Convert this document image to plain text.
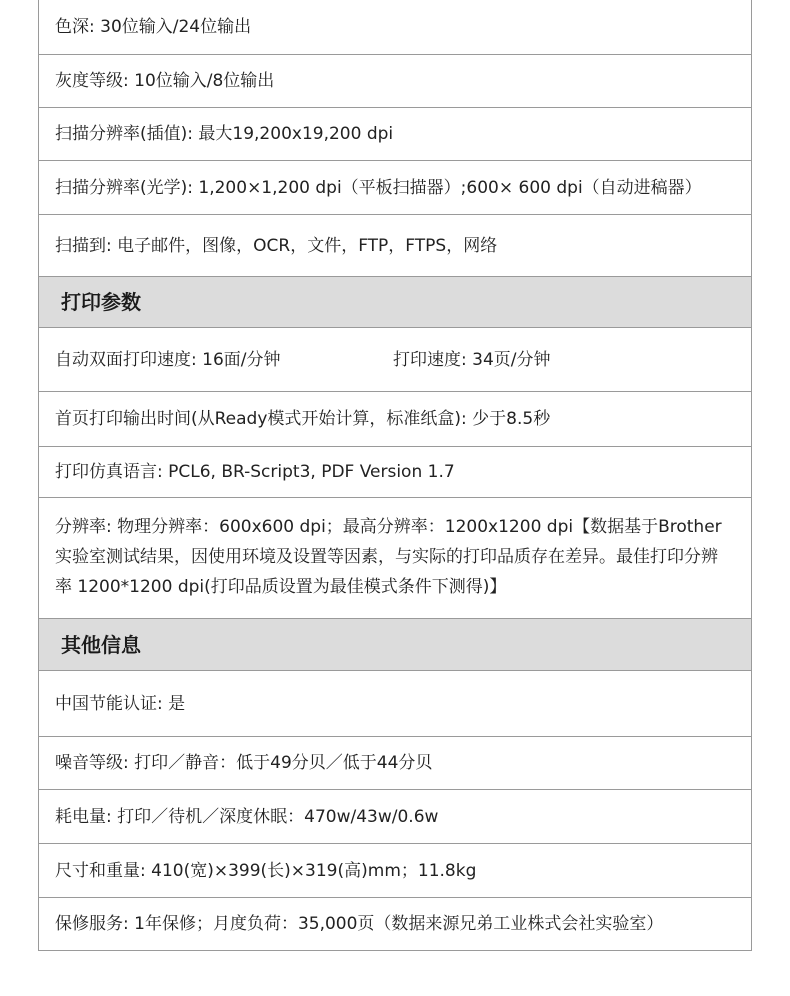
色深: 30位输入/24位输出
灰度等级: 10位输入/8位输出
扫描分辨率(插值): 最大19,200x19,200 dpi
扫描分辨率(光学): 1,200×1,200 dpi（平板扫描器）;600× 600 dpi（自动进稿器）
扫描到: 电子邮件，图像，OCR，文件，FTP，FTPS，网络
打印参数
自动双面打印速度: 16面/分钟	打印速度: 34页/分钟
首页打印输出时间(从Ready模式开始计算，标准纸盒): 少于8.5秒
打印仿真语言: PCL6, BR-Script3, PDF Version 1.7
分辨率: 物理分辨率：600x600 dpi；最高分辨率：1200x1200 dpi【数据基于Brother实验室测试结果，因使用环境及设置等因素，与实际的打印品质存在差异。最佳打印分辨率 1200*1200 dpi(打印品质设置为最佳模式条件下测得)】
其他信息
中国节能认证: 是
噪音等级: 打印／静音：低于49分贝／低于44分贝
耗电量: 打印／待机／深度休眠：470w/43w/0.6w
尺寸和重量: 410(宽)×399(长)×319(高)mm；11.8kg
保修服务: 1年保修；月度负荷：35,000页（数据来源兄弟工业株式会社实验室）
